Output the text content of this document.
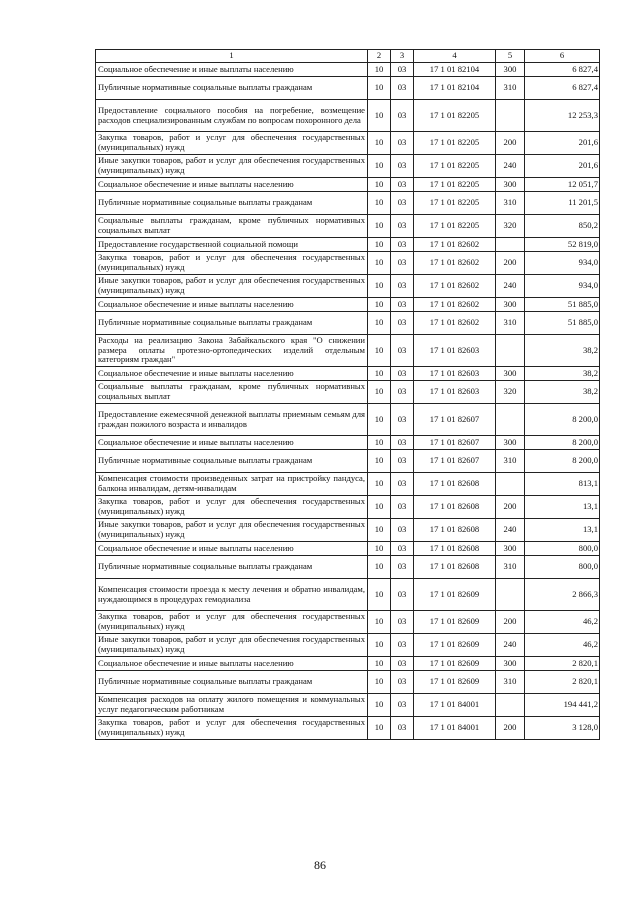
1	2	3	4	5	6
Социальное обеспечение и иные выплаты населению	10	03	17 1 01 82104	300	6 827,4
Публичные нормативные социальные выплаты гражданам	10	03	17 1 01 82104	310	6 827,4
Предоставление социального пособия на погребение, возмещение расходов специализированным службам по вопросам похоронного дела	10	03	17 1 01 82205		12 253,3
Закупка товаров, работ и услуг для обеспечения государственных (муниципальных) нужд	10	03	17 1 01 82205	200	201,6
Иные закупки товаров, работ и услуг для обеспечения государственных (муниципальных) нужд	10	03	17 1 01 82205	240	201,6
Социальное обеспечение и иные выплаты населению	10	03	17 1 01 82205	300	12 051,7
Публичные нормативные социальные выплаты гражданам	10	03	17 1 01 82205	310	11 201,5
Социальные выплаты гражданам, кроме публичных нормативных социальных выплат	10	03	17 1 01 82205	320	850,2
Предоставление государственной социальной помощи	10	03	17 1 01 82602		52 819,0
Закупка товаров, работ и услуг для обеспечения государственных (муниципальных) нужд	10	03	17 1 01 82602	200	934,0
Иные закупки товаров, работ и услуг для обеспечения государственных (муниципальных) нужд	10	03	17 1 01 82602	240	934,0
Социальное обеспечение и иные выплаты населению	10	03	17 1 01 82602	300	51 885,0
Публичные нормативные социальные выплаты гражданам	10	03	17 1 01 82602	310	51 885,0
Расходы на реализацию Закона Забайкальского края "О снижении размера оплаты протезно-ортопедических изделий отдельным категориям граждан"	10	03	17 1 01 82603		38,2
Социальное обеспечение и иные выплаты населению	10	03	17 1 01 82603	300	38,2
Социальные выплаты гражданам, кроме публичных нормативных социальных выплат	10	03	17 1 01 82603	320	38,2
Предоставление ежемесячной денежной выплаты приемным семьям для граждан пожилого возраста и инвалидов	10	03	17 1 01 82607		8 200,0
Социальное обеспечение и иные выплаты населению	10	03	17 1 01 82607	300	8 200,0
Публичные нормативные социальные выплаты гражданам	10	03	17 1 01 82607	310	8 200,0
Компенсация стоимости произведенных затрат на пристройку пандуса, балкона инвалидам, детям-инвалидам	10	03	17 1 01 82608		813,1
Закупка товаров, работ и услуг для обеспечения государственных (муниципальных) нужд	10	03	17 1 01 82608	200	13,1
Иные закупки товаров, работ и услуг для обеспечения государственных (муниципальных) нужд	10	03	17 1 01 82608	240	13,1
Социальное обеспечение и иные выплаты населению	10	03	17 1 01 82608	300	800,0
Публичные нормативные социальные выплаты гражданам	10	03	17 1 01 82608	310	800,0
Компенсация стоимости проезда к месту лечения и обратно инвалидам, нуждающимся в процедурах гемодиализа	10	03	17 1 01 82609		2 866,3
Закупка товаров, работ и услуг для обеспечения государственных (муниципальных) нужд	10	03	17 1 01 82609	200	46,2
Иные закупки товаров, работ и услуг для обеспечения государственных (муниципальных) нужд	10	03	17 1 01 82609	240	46,2
Социальное обеспечение и иные выплаты населению	10	03	17 1 01 82609	300	2 820,1
Публичные нормативные социальные выплаты гражданам	10	03	17 1 01 82609	310	2 820,1
Компенсация расходов на оплату жилого помещения и коммунальных услуг педагогическим работникам	10	03	17 1 01 84001		194 441,2
Закупка товаров, работ и услуг для обеспечения государственных (муниципальных) нужд	10	03	17 1 01 84001	200	3 128,0
86
